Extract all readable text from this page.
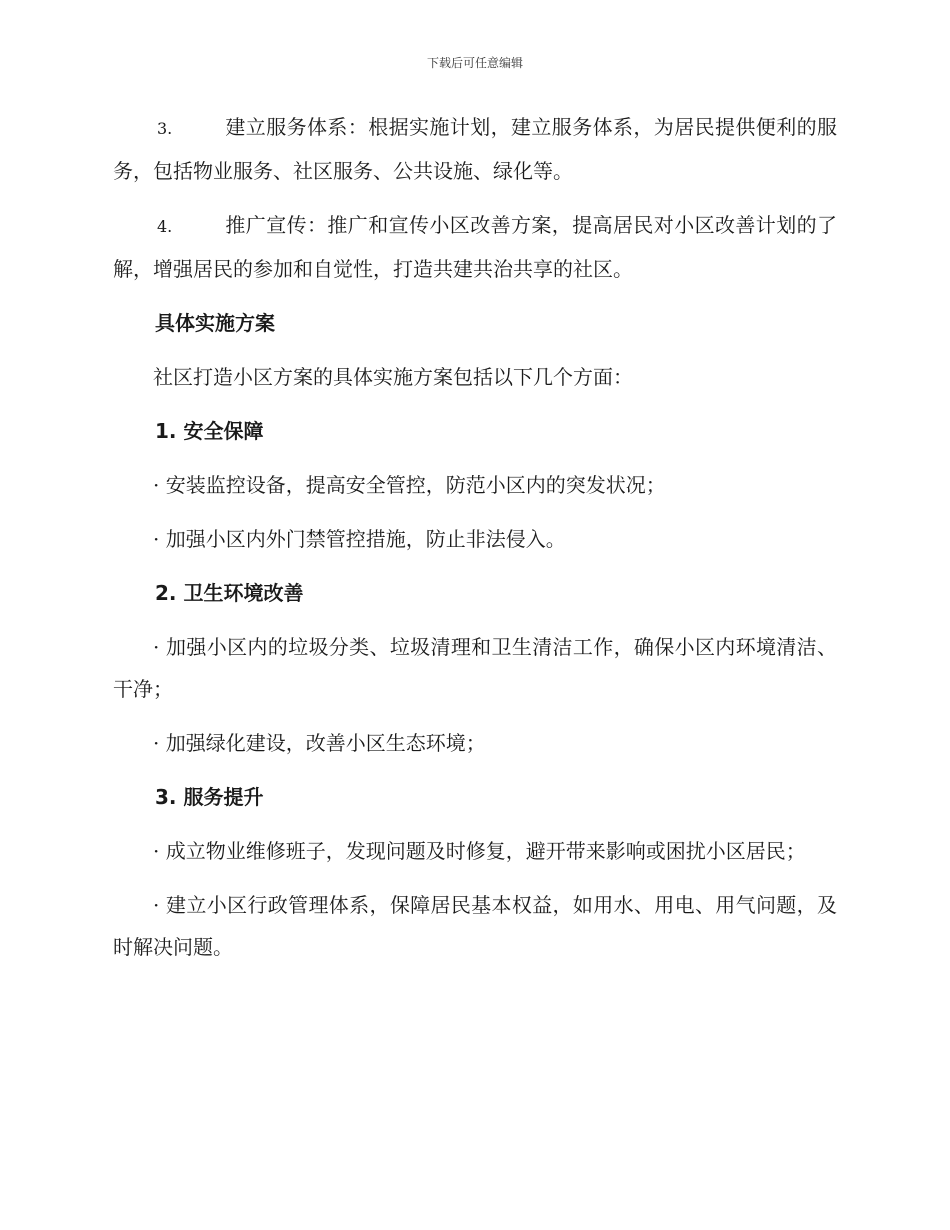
下载后可任意编辑

3.	建立服务体系：根据实施计划，建立服务体系，为居民提供便利的服务，包括物业服务、社区服务、公共设施、绿化等。

4.	推广宣传：推广和宣传小区改善方案，提高居民对小区改善计划的了解，增强居民的参加和自觉性，打造共建共治共享的社区。

具体实施方案

社区打造小区方案的具体实施方案包括以下几个方面：

1. 安全保障

· 安装监控设备，提高安全管控，防范小区内的突发状况；

· 加强小区内外门禁管控措施，防止非法侵入。

2. 卫生环境改善

· 加强小区内的垃圾分类、垃圾清理和卫生清洁工作，确保小区内环境清洁、干净；

· 加强绿化建设，改善小区生态环境；

3. 服务提升

· 成立物业维修班子，发现问题及时修复，避开带来影响或困扰小区居民；

· 建立小区行政管理体系，保障居民基本权益，如用水、用电、用气问题，及时解决问题。
